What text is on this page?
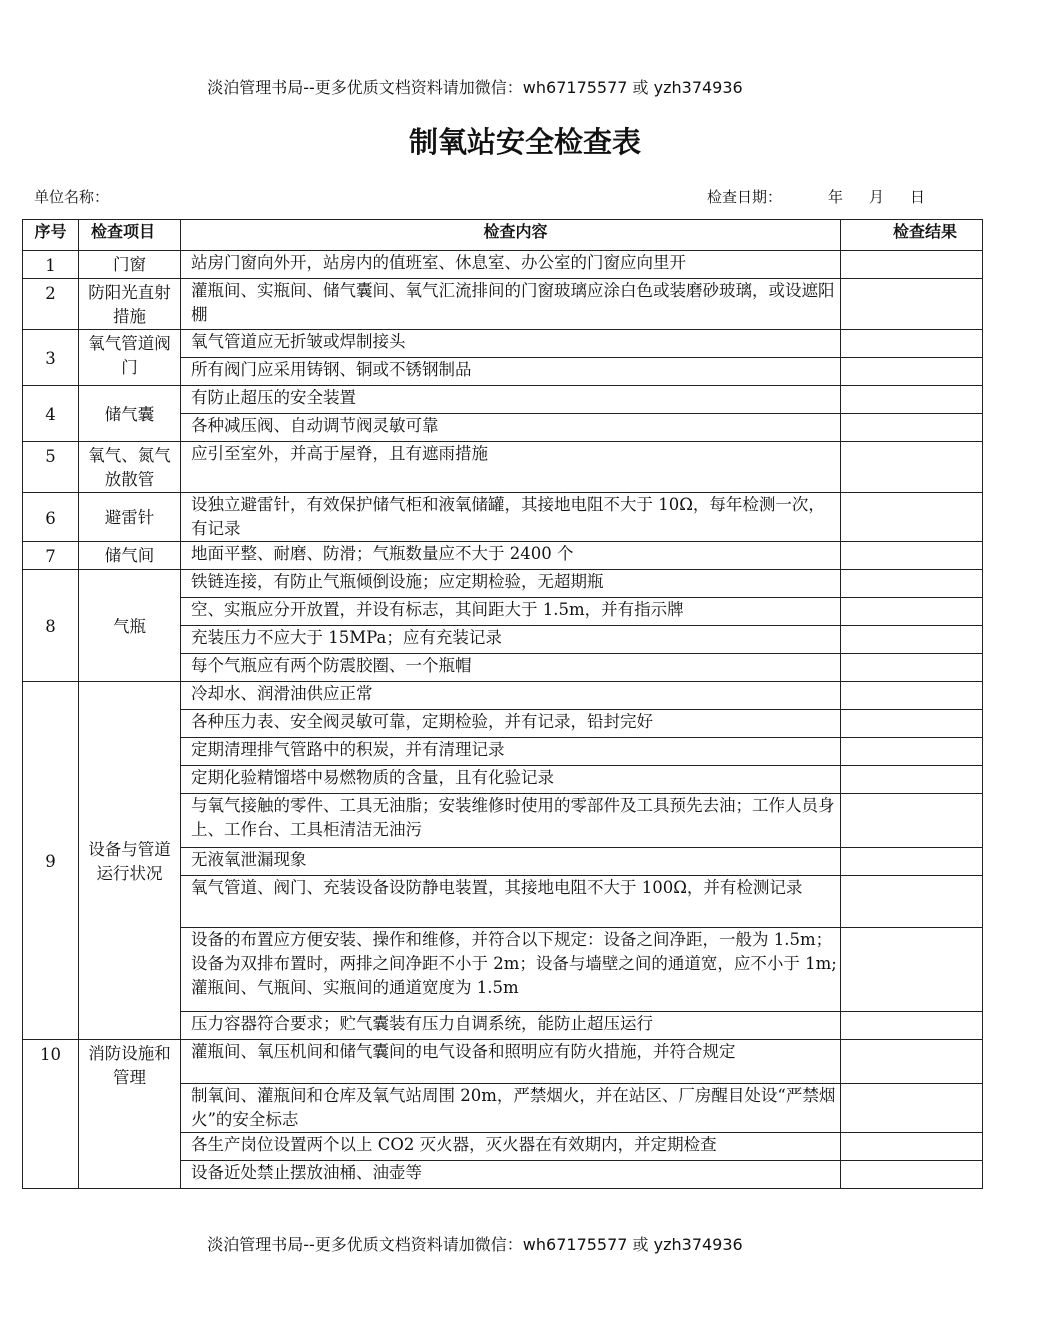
淡泊管理书局--更多优质文档资料请加微信：wh67175577 或 yzh374936
制氧站安全检查表
单位名称：	检查日期：	年 月 日
序号	检查项目	检查内容	检查结果
1	门窗	站房门窗向外开，站房内的值班室、休息室、办公室的门窗应向里开	
2	防阳光直射措施	灌瓶间、实瓶间、储气囊间、氧气汇流排间的门窗玻璃应涂白色或装磨砂玻璃，或设遮阳棚	
3	氧气管道阀门	氧气管道应无折皱或焊制接头	
		所有阀门应采用铸钢、铜或不锈钢制品	
4	储气囊	有防止超压的安全装置	
		各种减压阀、自动调节阀灵敏可靠	
5	氧气、氮气放散管	应引至室外，并高于屋脊，且有遮雨措施	
6	避雷针	设独立避雷针，有效保护储气柜和液氧储罐，其接地电阻不大于 10Ω，每年检测一次，有记录	
7	储气间	地面平整、耐磨、防滑；气瓶数量应不大于 2400 个	
8	气瓶	铁链连接，有防止气瓶倾倒设施；应定期检验，无超期瓶	
		空、实瓶应分开放置，并设有标志，其间距大于 1.5m，并有指示牌	
		充装压力不应大于 15MPa；应有充装记录	
		每个气瓶应有两个防震胶圈、一个瓶帽	
9	设备与管道运行状况	冷却水、润滑油供应正常	
		各种压力表、安全阀灵敏可靠，定期检验，并有记录，铅封完好	
		定期清理排气管路中的积炭，并有清理记录	
		定期化验精馏塔中易燃物质的含量，且有化验记录	
		与氧气接触的零件、工具无油脂；安装维修时使用的零部件及工具预先去油；工作人员身上、工作台、工具柜清洁无油污	
		无液氧泄漏现象	
		氧气管道、阀门、充装设备设防静电装置，其接地电阻不大于 100Ω，并有检测记录	
		设备的布置应方便安装、操作和维修，并符合以下规定：设备之间净距，一般为 1.5m；设备为双排布置时，两排之间净距不小于 2m；设备与墙壁之间的通道宽，应不小于 1m;灌瓶间、气瓶间、实瓶间的通道宽度为 1.5m	
		压力容器符合要求；贮气囊装有压力自调系统，能防止超压运行	
10	消防设施和管理	灌瓶间、氧压机间和储气囊间的电气设备和照明应有防火措施，并符合规定	
		制氧间、灌瓶间和仓库及氧气站周围 20m，严禁烟火，并在站区、厂房醒目处设“严禁烟火”的安全标志	
		各生产岗位设置两个以上 CO2 灭火器，灭火器在有效期内，并定期检查	
		设备近处禁止摆放油桶、油壶等	
淡泊管理书局--更多优质文档资料请加微信：wh67175577 或 yzh374936
